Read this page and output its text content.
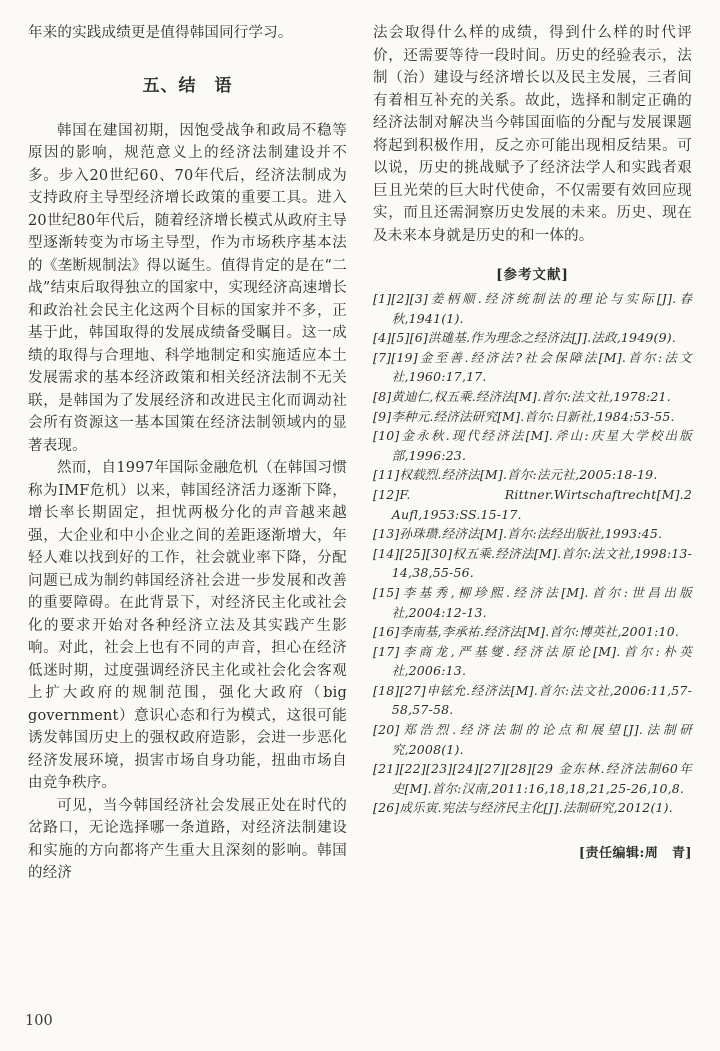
年来的实践成绩更是值得韩国同行学习。

五、结　语

韩国在建国初期，因饱受战争和政局不稳等原因的影响，规范意义上的经济法制建设并不多。步入20世纪60、70年代后，经济法制成为支持政府主导型经济增长政策的重要工具。进入20世纪80年代后，随着经济增长模式从政府主导型逐渐转变为市场主导型，作为市场秩序基本法的《垄断规制法》得以诞生。值得肯定的是在“二战”结束后取得独立的国家中，实现经济高速增长和政治社会民主化这两个目标的国家并不多，正基于此，韩国取得的发展成绩备受瞩目。这一成绩的取得与合理地、科学地制定和实施适应本土发展需求的基本经济政策和相关经济法制不无关联，是韩国为了发展经济和改进民主化而调动社会所有资源这一基本国策在经济法制领域内的显著表现。

然而，自1997年国际金融危机（在韩国习惯称为IMF危机）以来，韩国经济活力逐渐下降，增长率长期固定，担忧两极分化的声音越来越强，大企业和中小企业之间的差距逐渐增大，年轻人难以找到好的工作，社会就业率下降，分配问题已成为制约韩国经济社会进一步发展和改善的重要障碍。在此背景下，对经济民主化或社会化的要求开始对各种经济立法及其实践产生影响。对此，社会上也有不同的声音，担心在经济低迷时期，过度强调经济民主化或社会化会客观上扩大政府的规制范围，强化大政府（big government）意识心态和行为模式，这很可能诱发韩国历史上的强权政府造影，会进一步恶化经济发展环境，损害市场自身功能，扭曲市场自由竞争秩序。

可见，当今韩国经济社会发展正处在时代的岔路口，无论选择哪一条道路，对经济法制建设和实施的方向都将产生重大且深刻的影响。韩国的经济

法会取得什么样的成绩，得到什么样的时代评价，还需要等待一段时间。历史的经验表示，法制（治）建设与经济增长以及民主发展，三者间有着相互补充的关系。故此，选择和制定正确的经济法制对解决当今韩国面临的分配与发展课题将起到积极作用，反之亦可能出现相反结果。可以说，历史的挑战赋予了经济法学人和实践者艰巨且光荣的巨大时代使命，不仅需要有效回应现实，而且还需洞察历史发展的未来。历史、现在及未来本身就是历史的和一体的。

[参考文献]
[1][2][3]姜柄顺.经济统制法的理论与实际[J].春秋,1941(1).
[4][5][6]洪璡基.作为理念之经济法[J].法政,1949(9).
[7][19]金至善.经济法?社会保障法[M].首尔:法文社,1960:17,17.
[8]黄迪仁,权五乘.经济法[M].首尔:法文社,1978:21.
[9]李种元.经济法研究[M].首尔:日新社,1984:53-55.
[10]金永秋.现代经济法[M].斧山:庆星大学校出版部,1996:23.
[11]权载烈.经济法[M].首尔:法元社,2005:18-19.
[12]F. Rittner.Wirtschaftrecht[M].2 Aufl,1953:SS.15-17.
[13]孙珠瓒.经济法[M].首尔:法经出版社,1993:45.
[14][25][30]权五乘.经济法[M].首尔:法文社,1998:13-14,38,55-56.
[15]李基秀,柳珍熙.经济法[M].首尔:世昌出版社,2004:12-13.
[16]李南基,李承祐.经济法[M].首尔:博英社,2001:10.
[17]李商龙,严基燮.经济法原论[M].首尔:朴英社,2006:13.
[18][27]申铉允.经济法[M].首尔:法文社,2006:11,57-58,57-58.
[20]郑浩烈.经济法制的论点和展望[J].法制研究,2008(1).
[21][22][23][24][27][28][29 金东林.经济法制60年史[M].首尔:汉南,2011:16,18,18,21,25-26,10,8.
[26]成乐寅.宪法与经济民主化[J].法制研究,2012(1).
[责任编辑:周　青]
100
